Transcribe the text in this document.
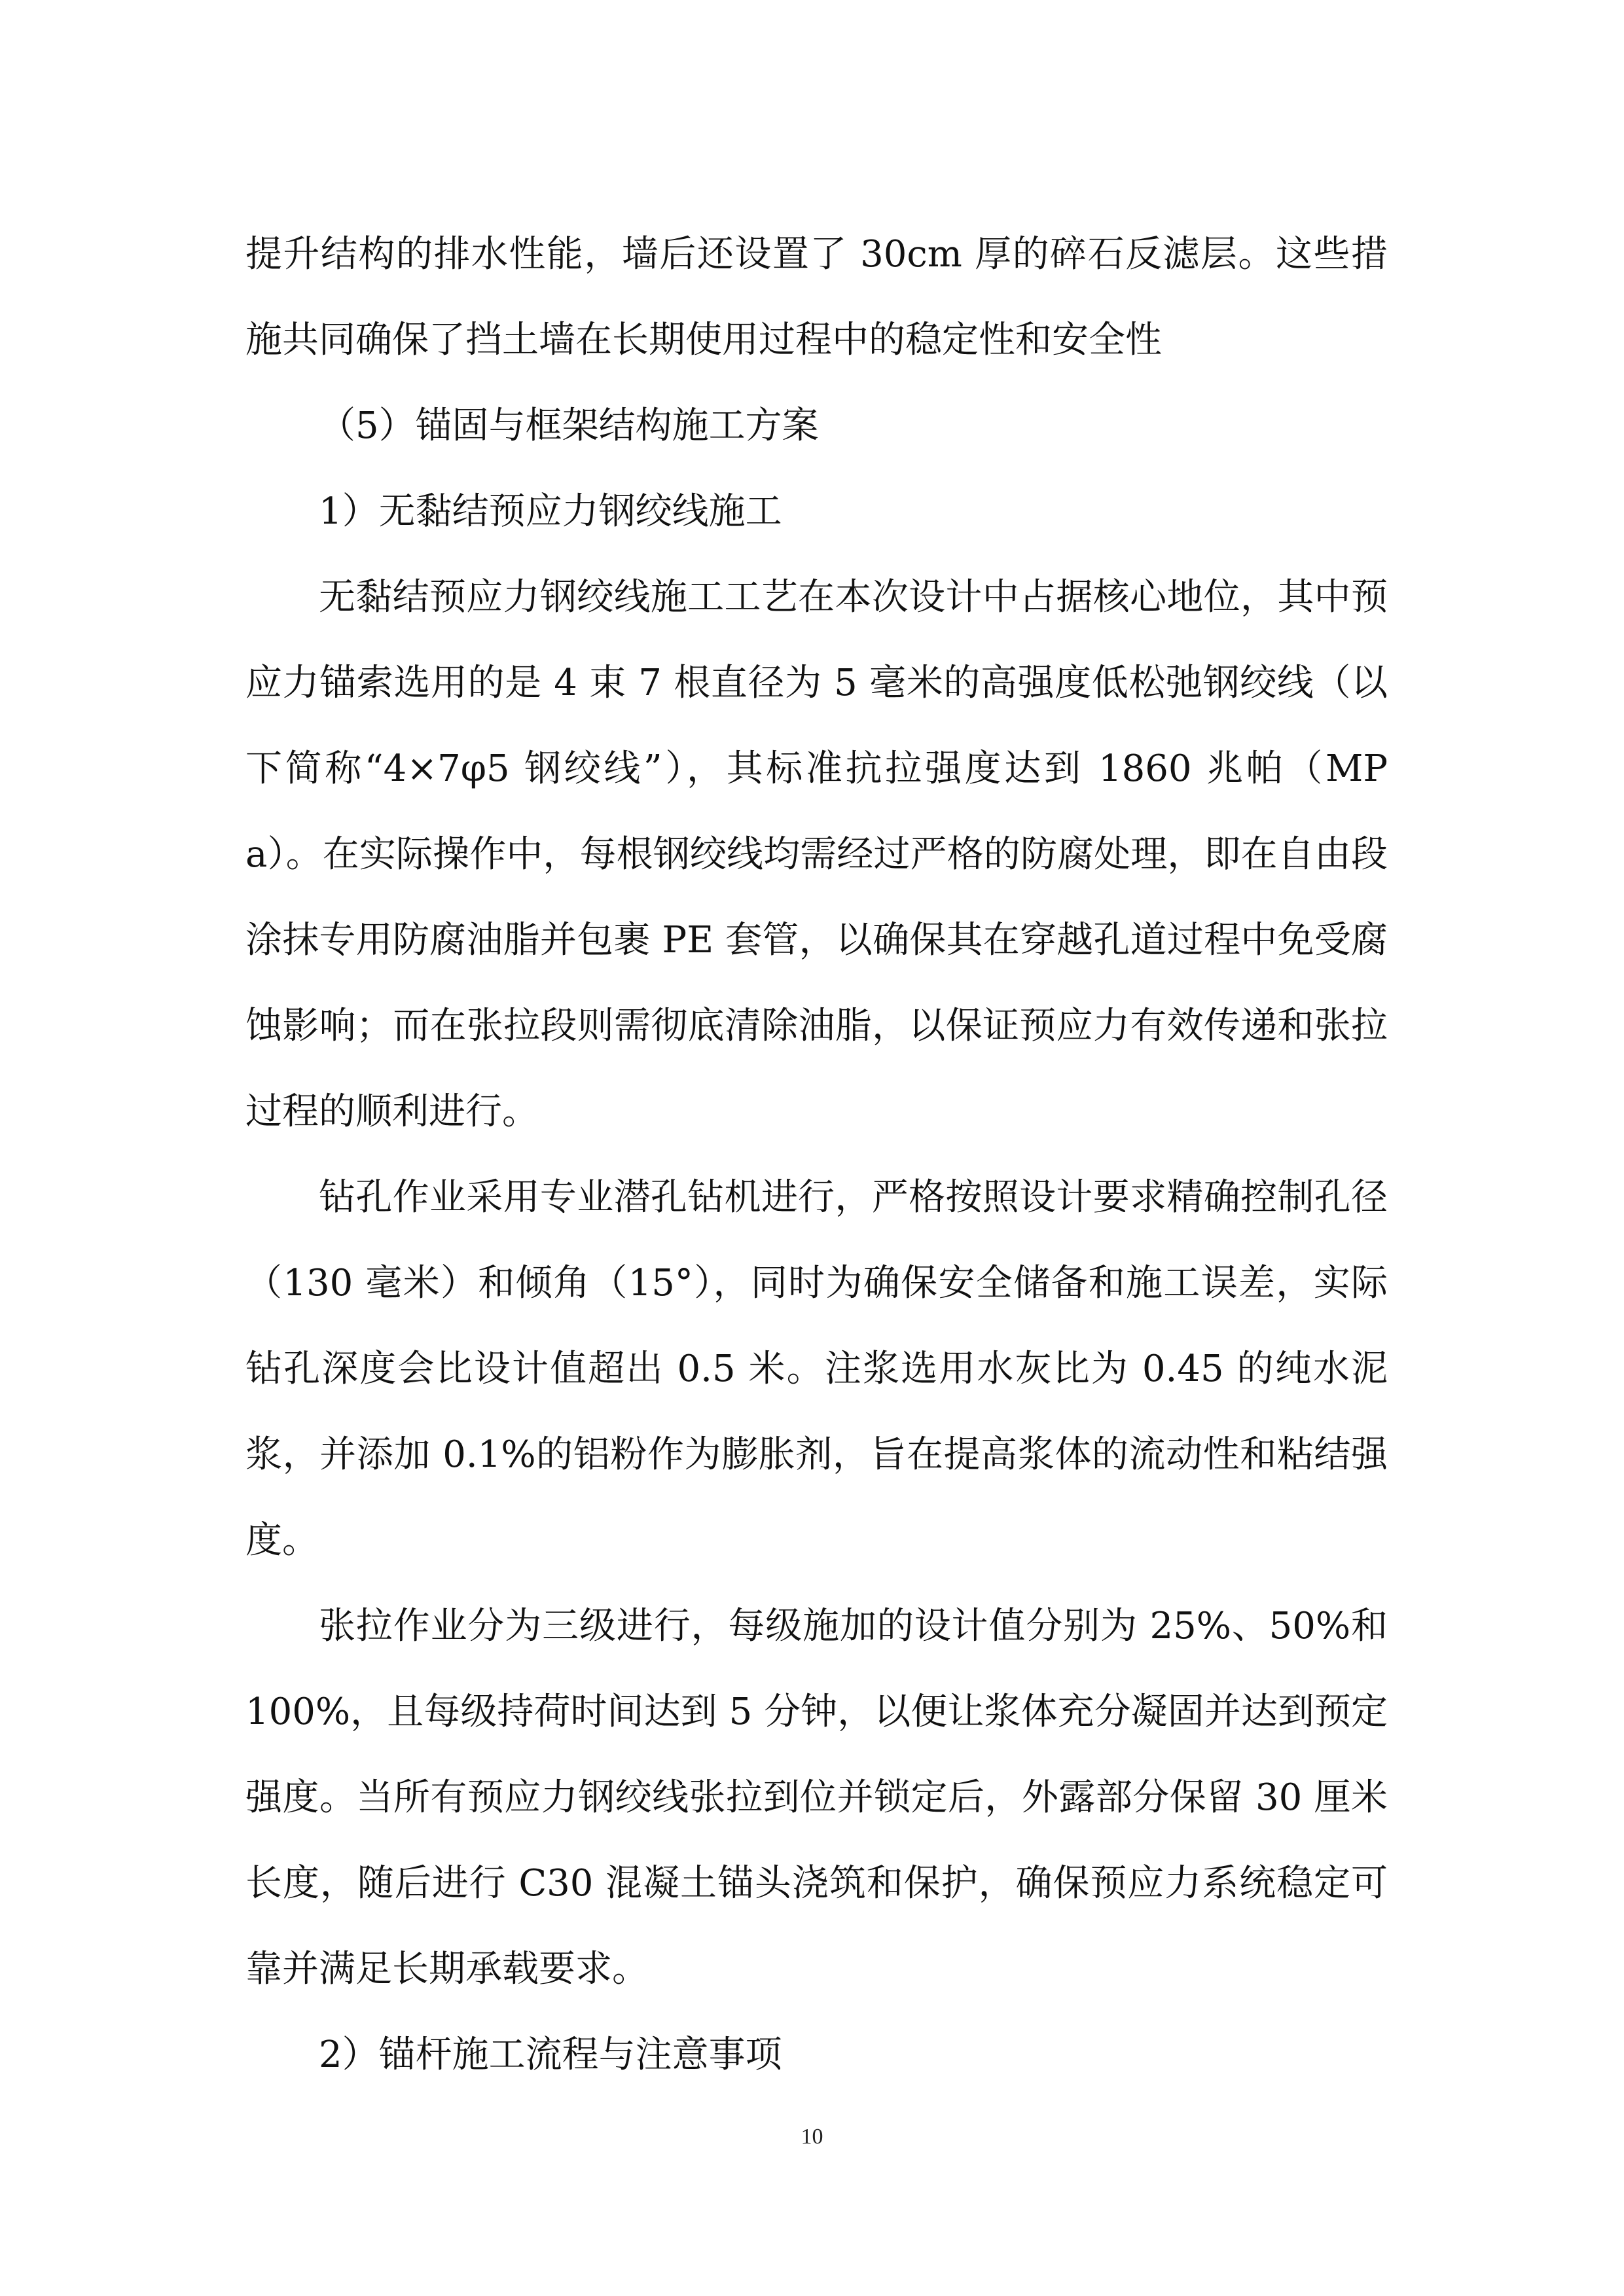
提升结构的排水性能，墙后还设置了 30cm 厚的碎石反滤层。这些措施共同确保了挡土墙在长期使用过程中的稳定性和安全性

（5）锚固与框架结构施工方案

1）无黏结预应力钢绞线施工

无黏结预应力钢绞线施工工艺在本次设计中占据核心地位，其中预应力锚索选用的是 4 束 7 根直径为 5 毫米的高强度低松弛钢绞线（以下简称“4×7φ5 钢绞线”），其标准抗拉强度达到 1860 兆帕（MPa）。在实际操作中，每根钢绞线均需经过严格的防腐处理，即在自由段涂抹专用防腐油脂并包裹 PE 套管，以确保其在穿越孔道过程中免受腐蚀影响；而在张拉段则需彻底清除油脂，以保证预应力有效传递和张拉过程的顺利进行。

钻孔作业采用专业潜孔钻机进行，严格按照设计要求精确控制孔径（130 毫米）和倾角（15°），同时为确保安全储备和施工误差，实际钻孔深度会比设计值超出 0.5 米。注浆选用水灰比为 0.45 的纯水泥浆，并添加 0.1%的铝粉作为膨胀剂，旨在提高浆体的流动性和粘结强度。

张拉作业分为三级进行，每级施加的设计值分别为 25%、50%和 100%，且每级持荷时间达到 5 分钟，以便让浆体充分凝固并达到预定强度。当所有预应力钢绞线张拉到位并锁定后，外露部分保留 30 厘米长度，随后进行 C30 混凝土锚头浇筑和保护，确保预应力系统稳定可靠并满足长期承载要求。

2）锚杆施工流程与注意事项

10
